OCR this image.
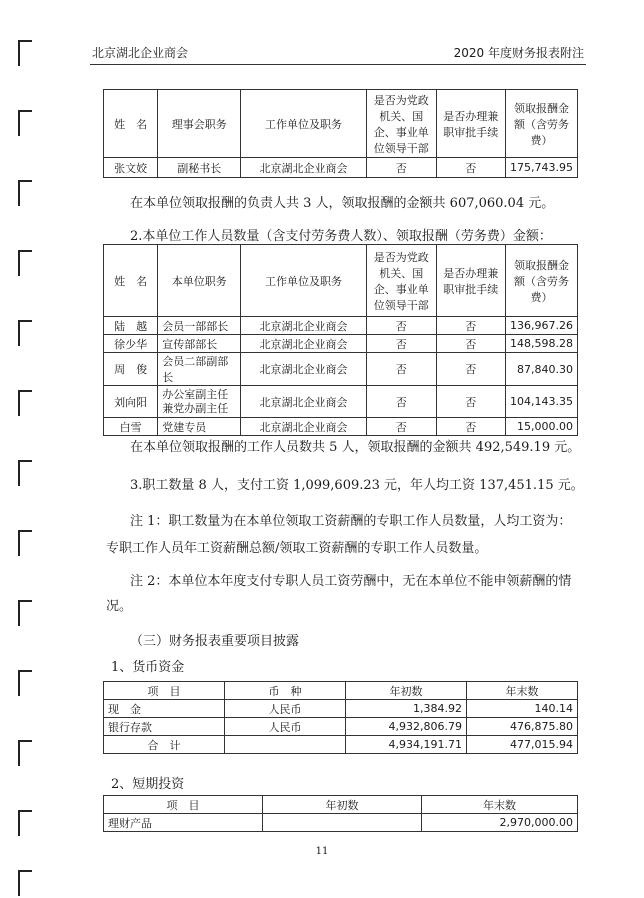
北京湖北企业商会	2020 年度财务报表附注
姓　名	理事会职务	工作单位及职务	是否为党政机关、国企、事业单位领导干部	是否办理兼职审批手续	领取报酬金额（含劳务费）
张文姣	副秘书长	北京湖北企业商会	否	否	175,743.95
在本单位领取报酬的负责人共 3 人，领取报酬的金额共 607,060.04 元。
2.本单位工作人员数量（含支付劳务费人数）、领取报酬（劳务费）金额：
姓　名	本单位职务	工作单位及职务	是否为党政机关、国企、事业单位领导干部	是否办理兼职审批手续	领取报酬金额（含劳务费）
陆　越	会员一部部长	北京湖北企业商会	否	否	136,967.26
徐少华	宣传部部长	北京湖北企业商会	否	否	148,598.28
周　俊	会员二部副部长	北京湖北企业商会	否	否	87,840.30
刘向阳	办公室副主任兼党办副主任	北京湖北企业商会	否	否	104,143.35
白雪	党建专员	北京湖北企业商会	否	否	15,000.00
在本单位领取报酬的工作人员数共 5 人，领取报酬的金额共 492,549.19 元。
3.职工数量 8 人，支付工资 1,099,609.23 元，年人均工资 137,451.15 元。
注 1：职工数量为在本单位领取工资薪酬的专职工作人员数量，人均工资为：
专职工作人员年工资薪酬总额/领取工资薪酬的专职工作人员数量。
注 2：本单位本年度支付专职人员工资劳酬中，无在本单位不能申领薪酬的情
况。
（三）财务报表重要项目披露
1、货币资金
项　目	币　种	年初数	年末数
现　金	人民币	1,384.92	140.14
银行存款	人民币	4,932,806.79	476,875.80
合　计		4,934,191.71	477,015.94
2、短期投资
项　目	年初数	年末数
理财产品		2,970,000.00
11
